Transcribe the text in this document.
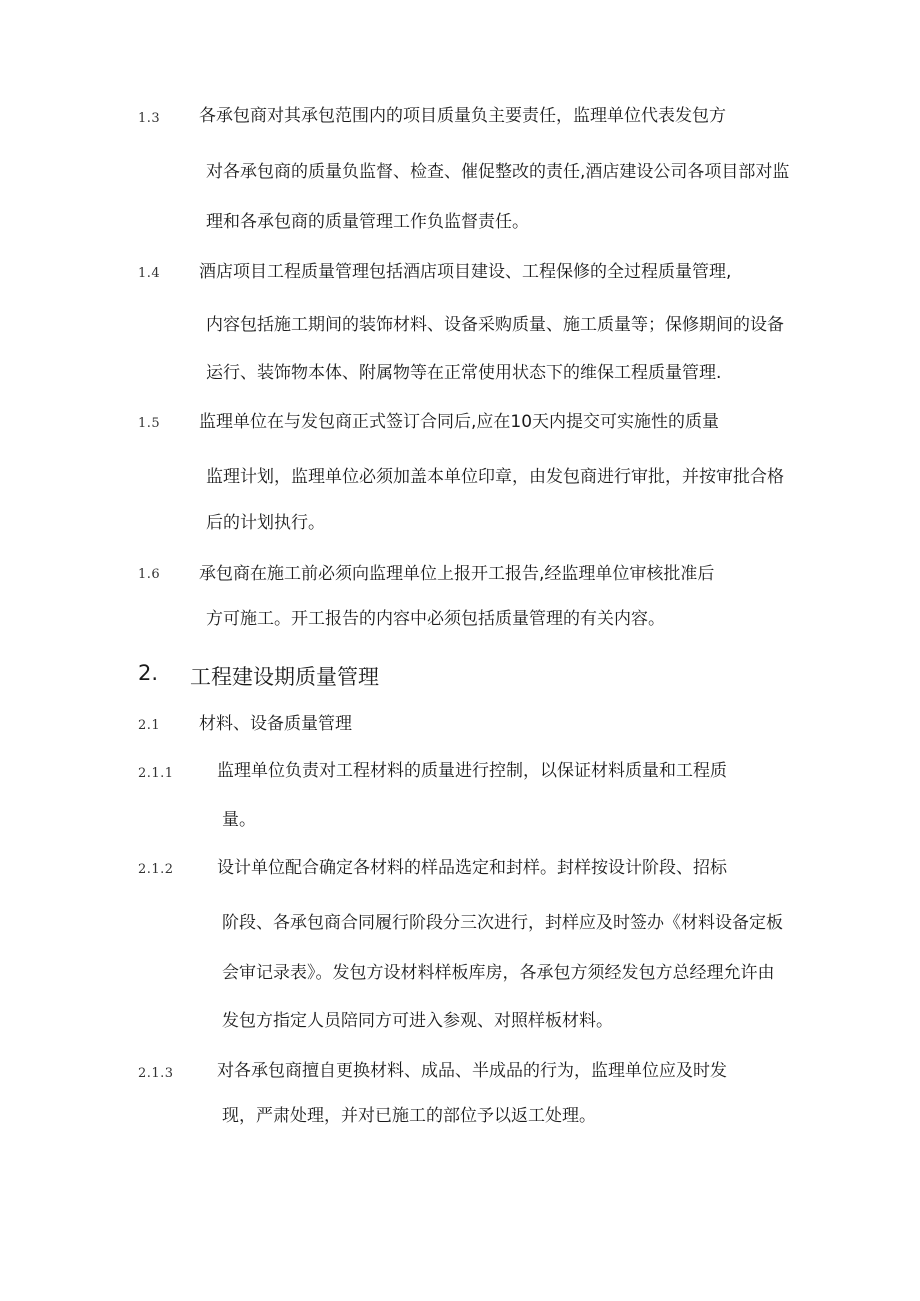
1.3 各承包商对其承包范围内的项目质量负主要责任，监理单位代表发包方
对各承包商的质量负监督、检查、催促整改的责任,酒店建设公司各项目部对监
理和各承包商的质量管理工作负监督责任。
1.4 酒店项目工程质量管理包括酒店项目建设、工程保修的全过程质量管理,
内容包括施工期间的装饰材料、设备采购质量、施工质量等；保修期间的设备
运行、装饰物本体、附属物等在正常使用状态下的维保工程质量管理.
1.5 监理单位在与发包商正式签订合同后,应在10天内提交可实施性的质量
监理计划，监理单位必须加盖本单位印章，由发包商进行审批，并按审批合格
后的计划执行。
1.6 承包商在施工前必须向监理单位上报开工报告,经监理单位审核批准后
方可施工。开工报告的内容中必须包括质量管理的有关内容。
2. 工程建设期质量管理
2.1 材料、设备质量管理
2.1.1	监理单位负责对工程材料的质量进行控制，以保证材料质量和工程质
量。
2.1.2	设计单位配合确定各材料的样品选定和封样。封样按设计阶段、招标
阶段、各承包商合同履行阶段分三次进行，封样应及时签办《材料设备定板
会审记录表》。发包方设材料样板库房，各承包方须经发包方总经理允许由
发包方指定人员陪同方可进入参观、对照样板材料。
2.1.3	对各承包商擅自更换材料、成品、半成品的行为，监理单位应及时发
现，严肃处理，并对已施工的部位予以返工处理。
